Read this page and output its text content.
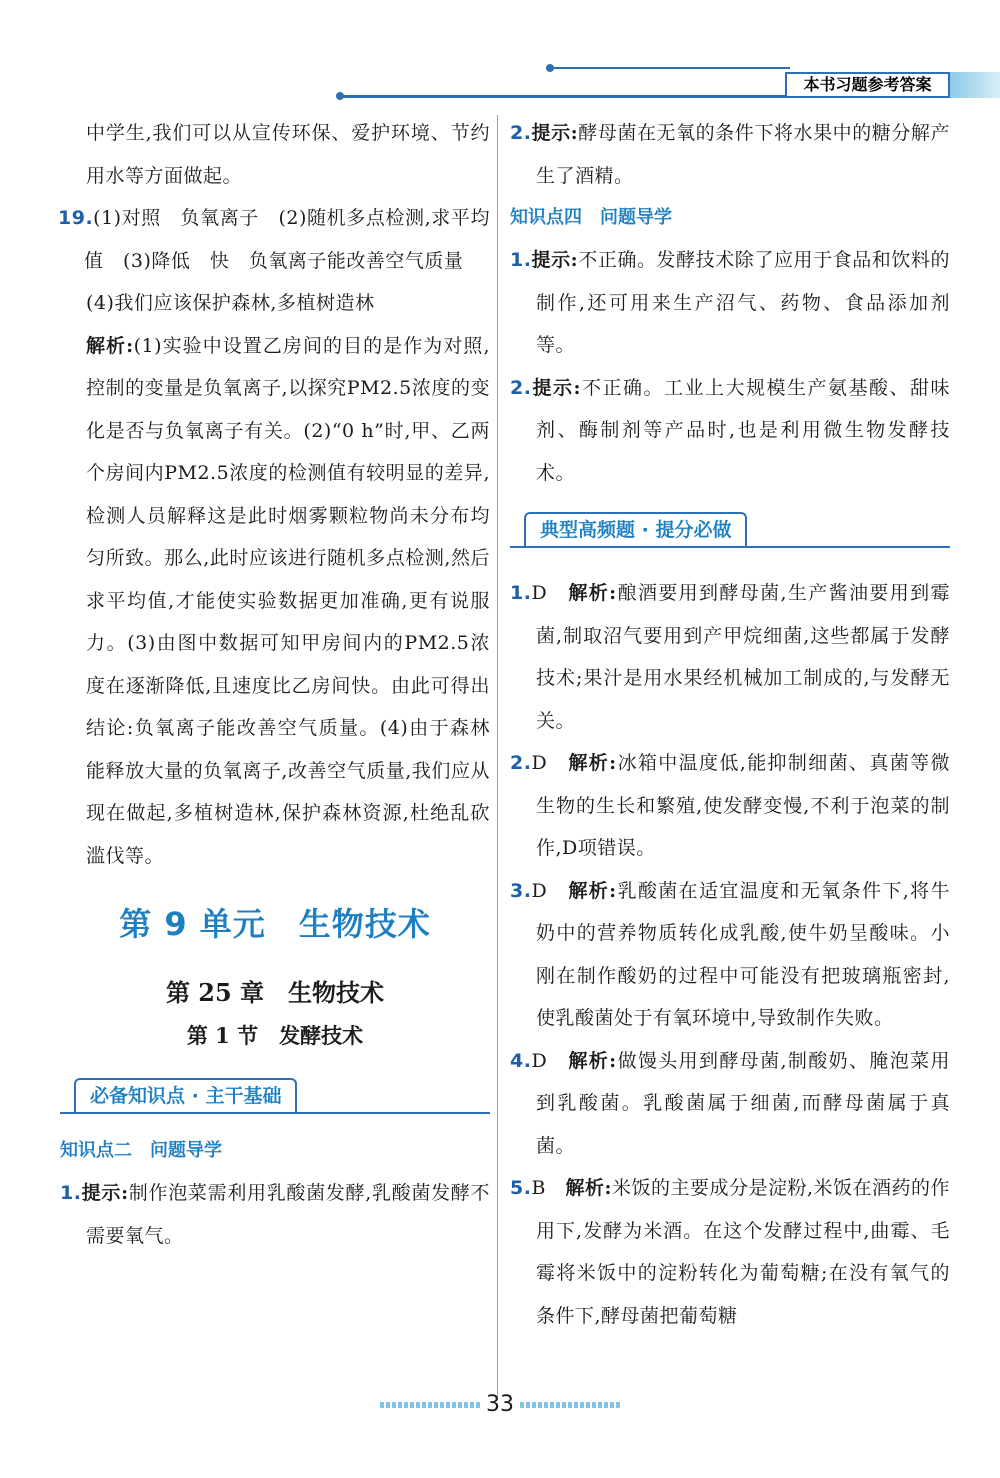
本书习题参考答案
中学生,我们可以从宣传环保、爱护环境、节约用水等方面做起。
19.(1)对照　负氧离子　(2)随机多点检测,求平均值　(3)降低　快　负氧离子能改善空气质量
(4)我们应该保护森林,多植树造林
解析:(1)实验中设置乙房间的目的是作为对照,控制的变量是负氧离子,以探究PM2.5浓度的变化是否与负氧离子有关。(2)“0 h”时,甲、乙两个房间内PM2.5浓度的检测值有较明显的差异,检测人员解释这是此时烟雾颗粒物尚未分布均匀所致。那么,此时应该进行随机多点检测,然后求平均值,才能使实验数据更加准确,更有说服力。(3)由图中数据可知甲房间内的PM2.5浓度在逐渐降低,且速度比乙房间快。由此可得出结论:负氧离子能改善空气质量。(4)由于森林能释放大量的负氧离子,改善空气质量,我们应从现在做起,多植树造林,保护森林资源,杜绝乱砍滥伐等。
第 9 单元　生物技术
第 25 章　生物技术
第 1 节　发酵技术
必备知识点 · 主干基础
知识点二　问题导学
1.提示:制作泡菜需利用乳酸菌发酵,乳酸菌发酵不需要氧气。
2.提示:酵母菌在无氧的条件下将水果中的糖分解产生了酒精。
知识点四　问题导学
1.提示:不正确。发酵技术除了应用于食品和饮料的制作,还可用来生产沼气、药物、食品添加剂等。
2.提示:不正确。工业上大规模生产氨基酸、甜味剂、酶制剂等产品时,也是利用微生物发酵技术。
典型高频题 · 提分必做
1.D　 解析:酿酒要用到酵母菌,生产酱油要用到霉菌,制取沼气要用到产甲烷细菌,这些都属于发酵技术;果汁是用水果经机械加工制成的,与发酵无关。
2.D　 解析:冰箱中温度低,能抑制细菌、真菌等微生物的生长和繁殖,使发酵变慢,不利于泡菜的制作,D项错误。
3.D　 解析:乳酸菌在适宜温度和无氧条件下,将牛奶中的营养物质转化成乳酸,使牛奶呈酸味。小刚在制作酸奶的过程中可能没有把玻璃瓶密封,使乳酸菌处于有氧环境中,导致制作失败。
4.D　 解析:做馒头用到酵母菌,制酸奶、腌泡菜用到乳酸菌。乳酸菌属于细菌,而酵母菌属于真菌。
5.B　 解析:米饭的主要成分是淀粉,米饭在酒药的作用下,发酵为米酒。在这个发酵过程中,曲霉、毛霉将米饭中的淀粉转化为葡萄糖;在没有氧气的条件下,酵母菌把葡萄糖
33
